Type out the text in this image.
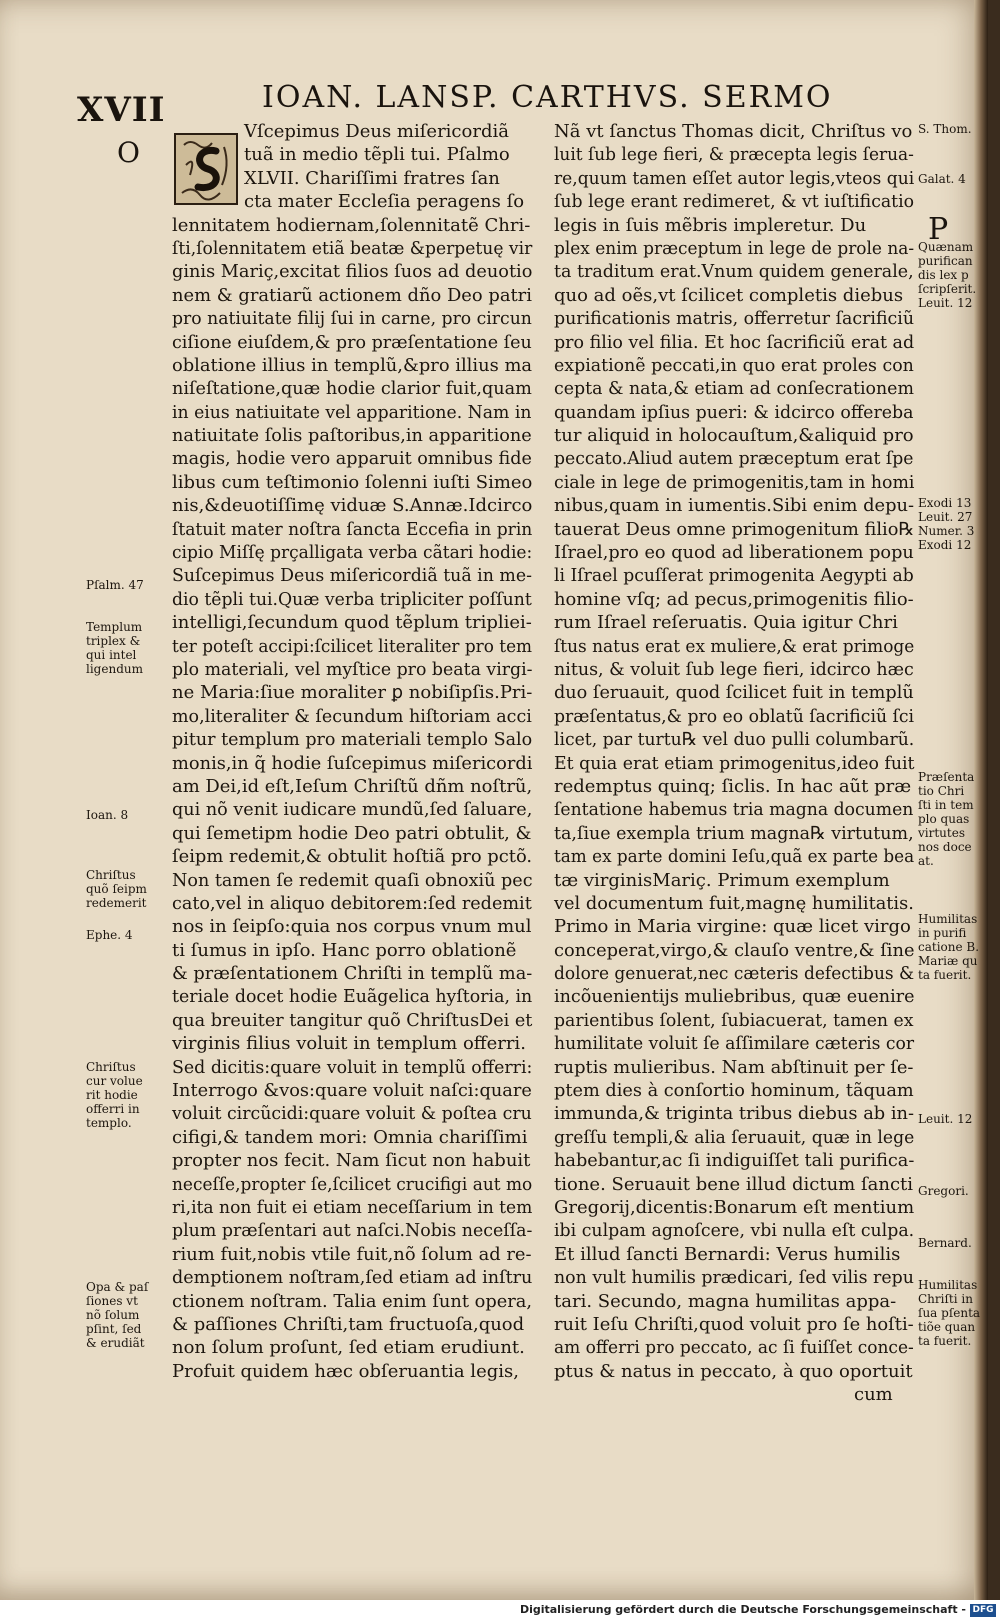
XVII	IOAN. LANSP. CARTHVS. SERMO
O
P
Vſcepimus Deus miſericordiã
tuã in medio tẽpli tui. Pſalmo
XLVII. Chariſſimi fratres ſan
cta mater Eccleſia peragens ſo
lennitatem hodiernam,ſolennitatẽ Chri-
ſti,ſolennitatem etiã beatæ &perpetuę vir
ginis Mariç,excitat filios ſuos ad deuotio
nem & gratiarũ actionem dño Deo patri
pro natiuitate filij ſui in carne, pro circun
ciſione eiuſdem,& pro præſentatione ſeu
oblatione illius in templũ,&pro illius ma
niſeſtatione,quæ hodie clarior fuit,quam
in eius natiuitate vel apparitione. Nam in
natiuitate ſolis paſtoribus,in apparitione
magis, hodie vero apparuit omnibus fide
libus cum teſtimonio ſolenni iuſti Simeo
nis,&deuotiſſimę viduæ S.Annæ.Idcirco
ſtatuit mater noſtra ſancta Eccefia in prin
cipio Miſſę prçalligata verba cãtari hodie:
Suſcepimus Deus miſericordiã tuã in me-
dio tẽpli tui.Quæ verba tripliciter poſſunt
intelligi,ſecundum quod tẽplum tripliei-
ter poteſt accipi:ſcilicet literaliter pro tem
plo materiali, vel myſtice pro beata virgi-
ne Maria:ſiue moraliter ꝑ nobiſipſis.Pri-
mo,literaliter & ſecundum hiſtoriam acci
pitur templum pro materiali templo Salo
monis,in q̃ hodie ſuſcepimus miſericordi
am Dei,id eſt,Ieſum Chriſtũ dñm noſtrũ,
qui nõ venit iudicare mundũ,ſed ſaluare,
qui ſemetipm hodie Deo patri obtulit, &
ſeipm redemit,& obtulit hoſtiã pro pctõ.
Non tamen ſe redemit quaſi obnoxiũ pec
cato,vel in aliquo debitorem:ſed redemit
nos in ſeipſo:quia nos corpus vnum mul
ti ſumus in ipſo. Hanc porro oblationẽ
& præſentationem Chriſti in templũ ma-
teriale docet hodie Euãgelica hyſtoria, in
qua breuiter tangitur quõ ChriſtusDei et
virginis filius voluit in templum offerri.
Sed dicitis:quare voluit in templũ offerri:
Interrogo &vos:quare voluit naſci:quare
voluit circũcidi:quare voluit & poſtea cru
cifigi,& tandem mori: Omnia chariſſimi
propter nos fecit. Nam ſicut non habuit
neceſſe,propter ſe,ſcilicet crucifigi aut mo
ri,ita non fuit ei etiam neceſſarium in tem
plum præſentari aut naſci.Nobis neceſſa-
rium fuit,nobis vtile fuit,nõ ſolum ad re-
demptionem noſtram,ſed etiam ad inſtru
ctionem noſtram. Talia enim ſunt opera,
& paſſiones Chriſti,tam fructuoſa,quod
non ſolum proſunt, ſed etiam erudiunt.
Profuit quidem hæc obſeruantia legis,
Nã vt ſanctus Thomas dicit, Chriſtus vo
luit ſub lege fieri, & præcepta legis ſerua-
re,quum tamen eſſet autor legis,vteos qui
ſub lege erant redimeret, & vt iuſtificatio
legis in ſuis mẽbris impleretur. Du
plex enim præceptum in lege de prole na-
ta traditum erat.Vnum quidem generale,
quo ad oẽs,vt ſcilicet completis diebus
purificationis matris, offerretur ſacrificiũ
pro filio vel filia. Et hoc ſacrificiũ erat ad
expiationẽ peccati,in quo erat proles con
cepta & nata,& etiam ad conſecrationem
quandam ipſius pueri: & idcirco offereba
tur aliquid in holocauſtum,&aliquid pro
peccato.Aliud autem præceptum erat ſpe
ciale in lege de primogenitis,tam in homi
nibus,quam in iumentis.Sibi enim depu-
tauerat Deus omne primogenitum filio℞
Iſrael,pro eo quod ad liberationem popu
li Iſrael pcuſſerat primogenita Aegypti ab
homine vſq; ad pecus,primogenitis filio-
rum Iſrael reſeruatis. Quia igitur Chri
ſtus natus erat ex muliere,& erat primoge
nitus, & voluit ſub lege fieri, idcirco hæc
duo ſeruauit, quod ſcilicet fuit in templũ
præſentatus,& pro eo oblatũ ſacrificiũ ſci
licet, par turtu℞ vel duo pulli columbarũ.
Et quia erat etiam primogenitus,ideo fuit
redemptus quinq; ſiclis. In hac aũt præ
ſentatione habemus tria magna documen
ta,ſiue exempla trium magna℞ virtutum,
tam ex parte domini Ieſu,quã ex parte bea
tæ virginisMariç. Primum exemplum
vel documentum fuit,magnę humilitatis.
Primo in Maria virgine: quæ licet virgo
conceperat,virgo,& clauſo ventre,& ſine
dolore genuerat,nec cæteris defectibus &
incõuenientijs muliebribus, quæ euenire
parientibus ſolent, ſubiacuerat, tamen ex
humilitate voluit ſe aſſimilare cæteris cor
ruptis mulieribus. Nam abſtinuit per ſe-
ptem dies à conſortio hominum, tãquam
immunda,& triginta tribus diebus ab in-
greſſu templi,& alia ſeruauit, quæ in lege
habebantur,ac ſi indiguiſſet tali purifica-
tione. Seruauit bene illud dictum ſancti
Gregorij,dicentis:Bonarum eſt mentium
ibi culpam agnoſcere, vbi nulla eſt culpa.
Et illud ſancti Bernardi: Verus humilis
non vult humilis prædicari, ſed vilis repu
tari. Secundo, magna humilitas appa-
ruit Ieſu Chriſti,quod voluit pro ſe hoſti-
am offerri pro peccato, ac ſi fuiſſet conce-
ptus & natus in peccato, à quo oportuit
cum
Pſalm. 47
Templum
triplex &
qui intel
ligendum
Ioan. 8
Chriſtus
quõ ſeipm
redemerit
Ephe. 4
Chriſtus
cur volue
rit hodie
offerri in
templo.
Opa & paſ
ſiones vt
nõ ſolum
pſint, ſed
& erudiãt
S. Thom.
Galat. 4
Quænam
purifican
dis lex p
ſcripſerit.
Leuit. 12
Exodi 13
Leuit. 27
Numer. 3
Exodi 12
Præſenta
tio Chri
ſti in tem
plo quas
virtutes
nos doce
at.
Humilitas
in purifi
catione B.
Mariæ qu
ta fuerit.
Leuit. 12
Gregori.
Bernard.
Humilitas
Chriſti in
ſua pſenta
tiõe quan
ta fuerit.
Digitalisierung gefördert durch die Deutsche Forschungsgemeinschaft - DFG
